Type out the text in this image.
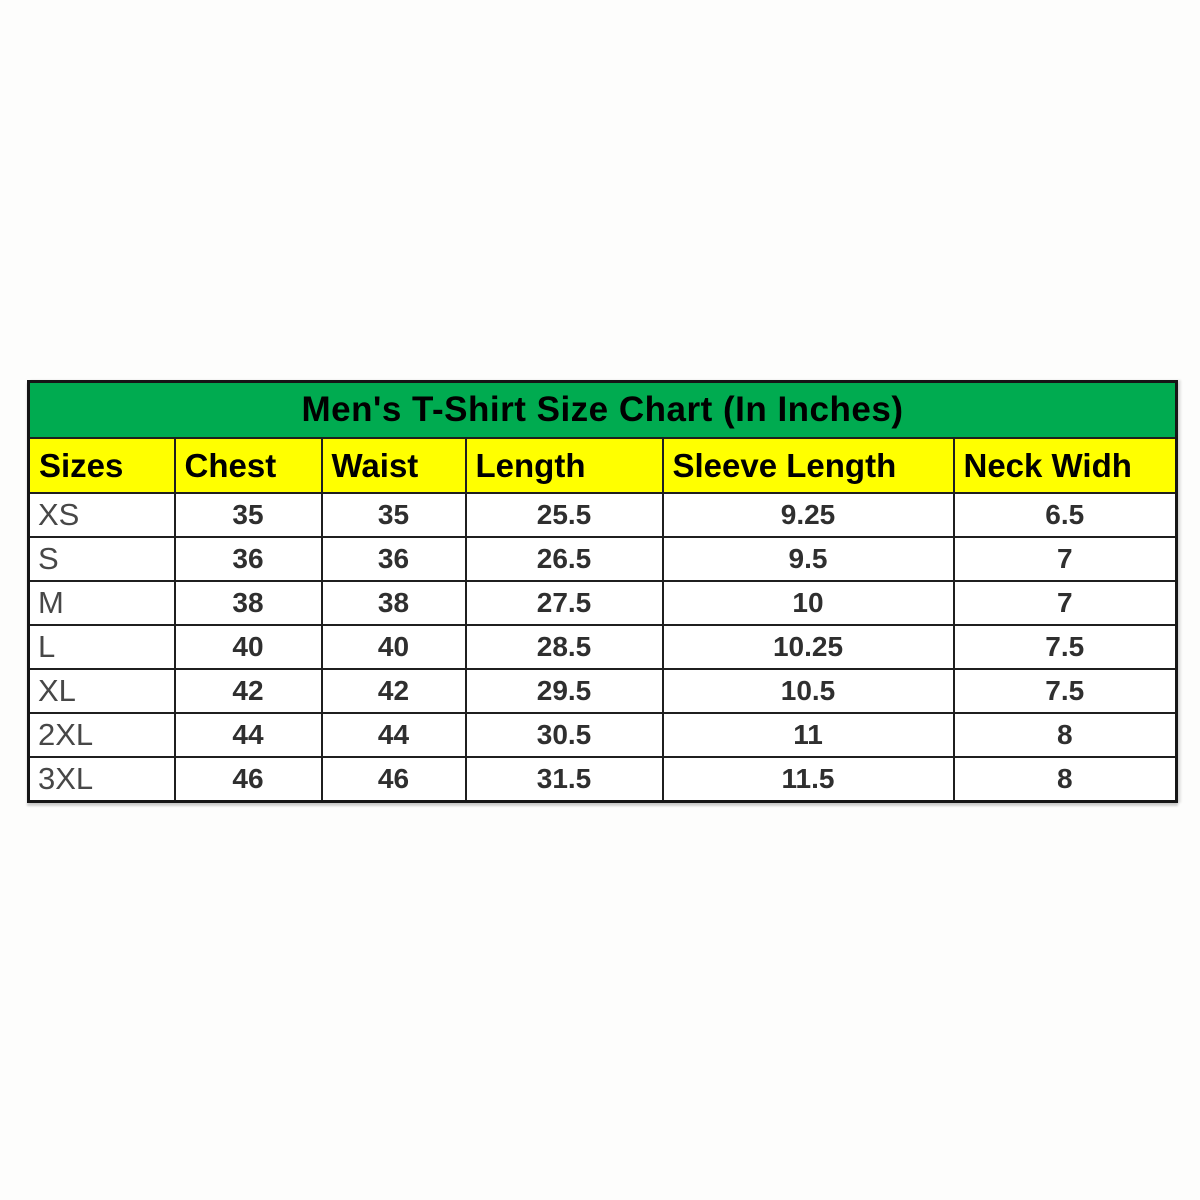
Men's T-Shirt Size Chart (In Inches)					
Sizes	Chest	Waist	Length	Sleeve Length	Neck Widh
XS	35	35	25.5	9.25	6.5
S	36	36	26.5	9.5	7
M	38	38	27.5	10	7
L	40	40	28.5	10.25	7.5
XL	42	42	29.5	10.5	7.5
2XL	44	44	30.5	11	8
3XL	46	46	31.5	11.5	8
